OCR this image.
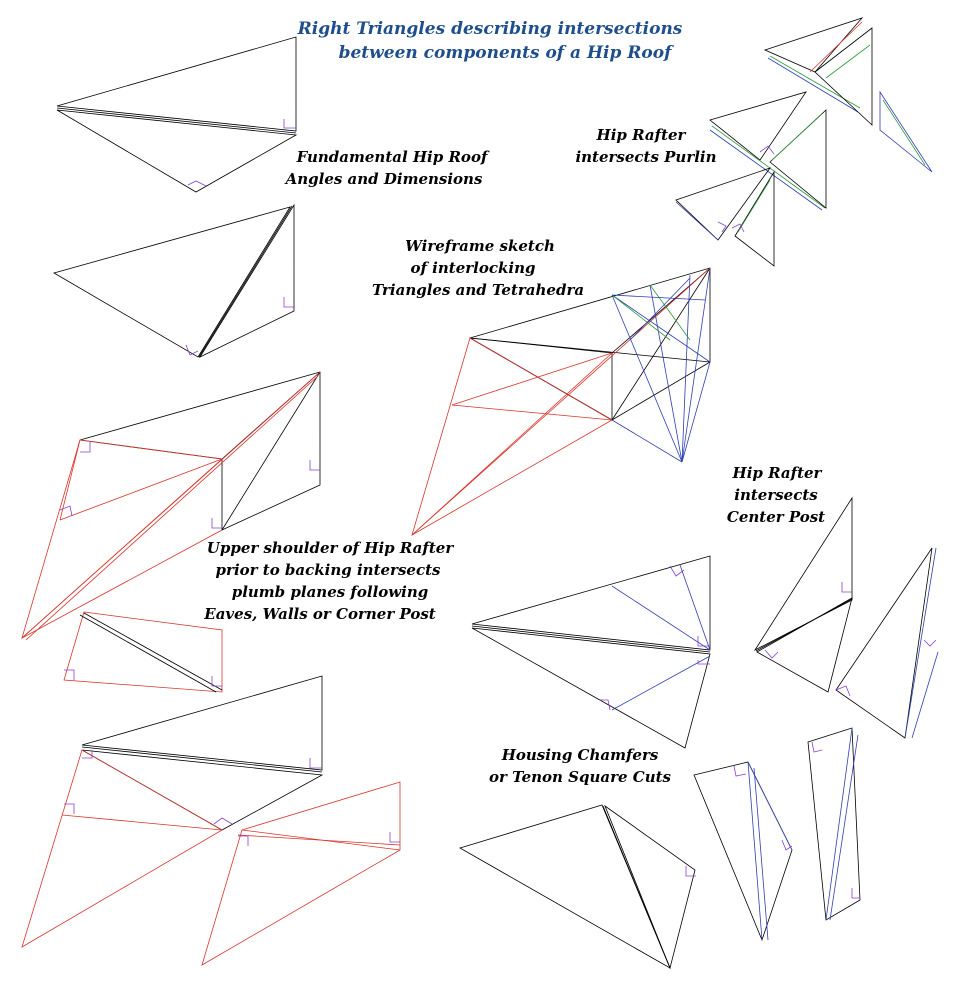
Right Triangles describing intersections
between components of a Hip Roof
Fundamental Hip Roof
Angles and Dimensions
Hip Rafter
intersects Purlin
Wireframe sketch
of interlocking
Triangles and Tetrahedra
Hip Rafter
intersects
Center Post
Upper shoulder of Hip Rafter
prior to backing intersects
plumb planes following
Eaves, Walls or Corner Post
Housing Chamfers
or Tenon Square Cuts
